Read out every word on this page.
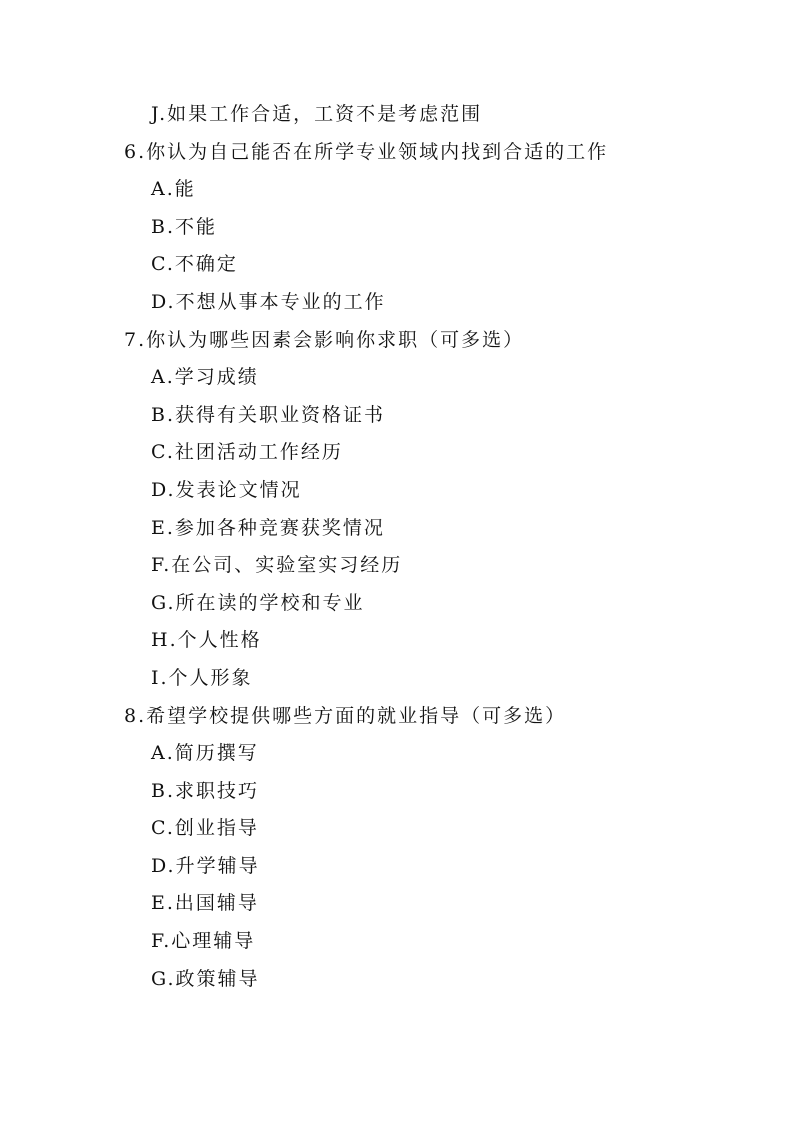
J.如果工作合适，工资不是考虑范围
6.你认为自己能否在所学专业领域内找到合适的工作
A.能
B.不能
C.不确定
D.不想从事本专业的工作
7.你认为哪些因素会影响你求职（可多选）
A.学习成绩
B.获得有关职业资格证书
C.社团活动工作经历
D.发表论文情况
E.参加各种竞赛获奖情况
F.在公司、实验室实习经历
G.所在读的学校和专业
H.个人性格
I.个人形象
8.希望学校提供哪些方面的就业指导（可多选）
A.简历撰写
B.求职技巧
C.创业指导
D.升学辅导
E.出国辅导
F.心理辅导
G.政策辅导
